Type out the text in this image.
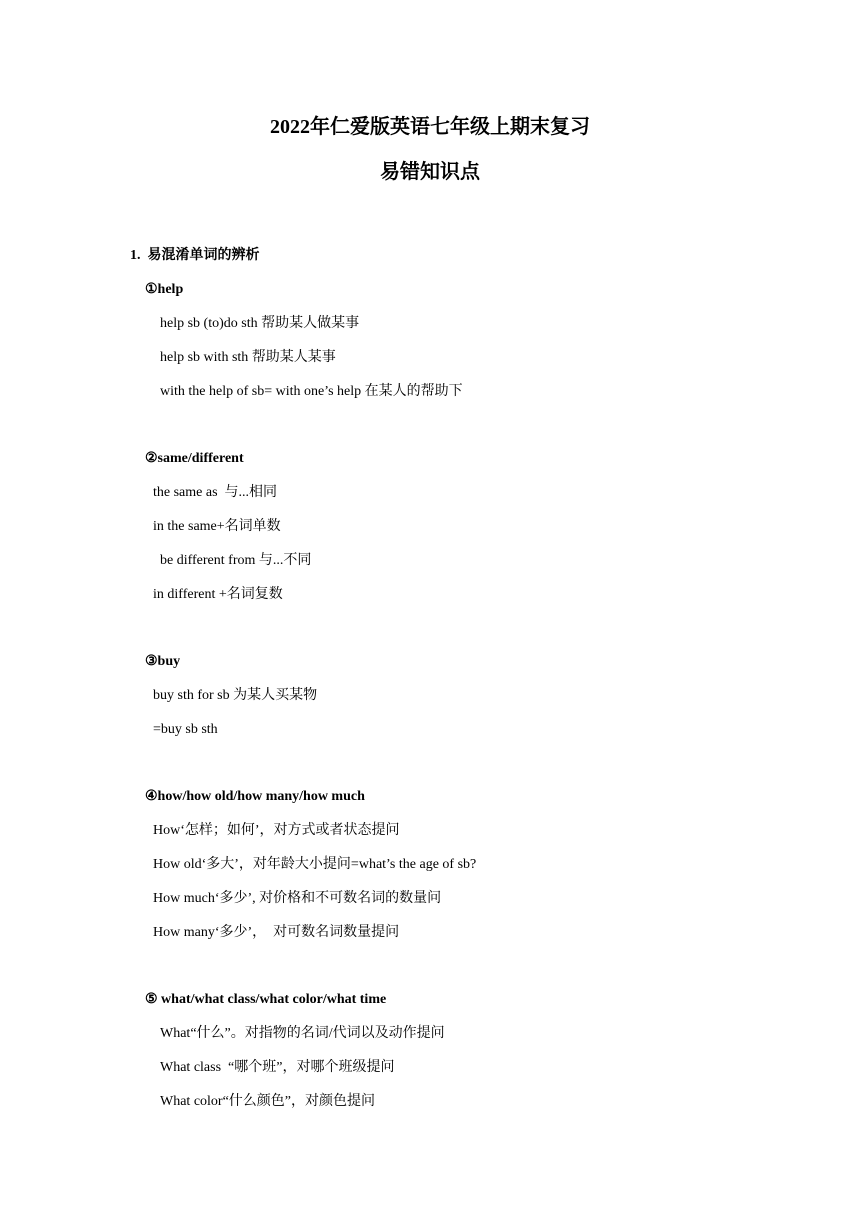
2022年仁爱版英语七年级上期末复习
易错知识点
1.  易混淆单词的辨析
①help
help sb (to)do sth 帮助某人做某事
help sb with sth 帮助某人某事
with the help of sb= with one’s help 在某人的帮助下
②same/different
the same as  与...相同
in the same+名词单数
be different from 与...不同
in different +名词复数
③buy
buy sth for sb 为某人买某物
=buy sb sth
④how/how old/how many/how much
How‘怎样；如何’，对方式或者状态提问
How old‘多大’，对年龄大小提问=what’s the age of sb?
How much‘多少’, 对价格和不可数名词的数量问
How many‘多少’，  对可数名词数量提问
⑤ what/what class/what color/what time
What“什么”。对指物的名词/代词以及动作提问
What class  “哪个班”，对哪个班级提问
What color“什么颜色”，对颜色提问
